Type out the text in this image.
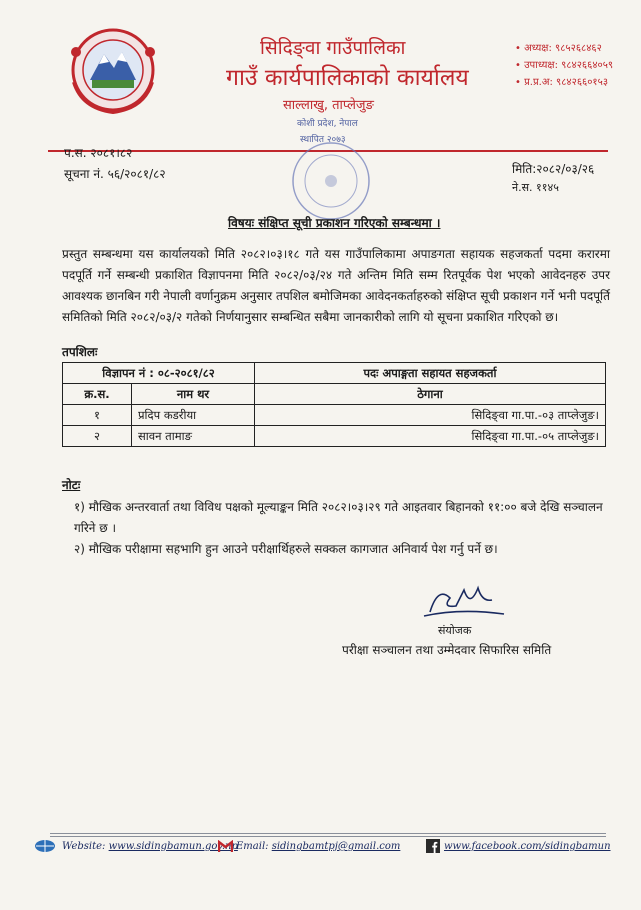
सिदिङ्वा गाउँपालिका
गाउँ कार्यपालिकाको कार्यालय
साल्लाखु, ताप्लेजुङ
कोशी प्रदेश, नेपाल
स्थापित २०७३
• अध्यक्ष: ९८५२६८४६२
• उपाध्यक्ष: ९८४२६६४०५९
• प्र.प्र.अ: ९८४२६६०१५३
प.स. २०८१।८२
सूचना नं. ५६/२०८१/८२	मिति:२०८२/०३/२६
ने.स. ११४५
विषयः संक्षिप्त सूची प्रकाशन गरिएको सम्बन्धमा ।
प्रस्तुत सम्बन्धमा यस कार्यालयको मिति २०८२।०३।१८ गते यस गाउँपालिकामा अपाङगता सहायक सहजकर्ता पदमा करारमा पदपूर्ति गर्ने सम्बन्धी प्रकाशित विज्ञापनमा मिति २०८२/०३/२४ गते अन्तिम मिति सम्म रितपूर्वक पेश भएको आवेदनहरु उपर आवश्यक छानबिन गरी नेपाली वर्णानुक्रम अनुसार तपशिल बमोजिमका आवेदनकर्ताहरुको संक्षिप्त सूची प्रकाशन गर्ने भनी पदपूर्ति समितिको मिति २०८२/०३/२ गतेको निर्णयानुसार सम्बन्धित सबैमा जानकारीको लागि यो सूचना प्रकाशित गरिएको छ।
तपशिलः
विज्ञापन नं : ०८-२०८१/८२		पदः अपाङ्गता सहायत सहजकर्ता
क्र.स.	नाम थर	ठेगाना
१	प्रदिप कडरीया	सिदिङ्वा गा.पा.-०३ ताप्लेजुङ।
२	सावन तामाङ	सिदिङ्वा गा.पा.-०५ ताप्लेजुङ।
नोटः
१) मौखिक अन्तरवार्ता तथा विविध पक्षको मूल्याङ्कन मिति २०८२।०३।२९ गते आइतवार बिहानको ११:०० बजे देखि सञ्चालन गरिने छ ।
२) मौखिक परीक्षामा सहभागि हुन आउने परीक्षार्थिहरुले सक्कल कागजात अनिवार्य पेश गर्नु पर्ने छ।
संयोजक
परीक्षा सञ्चालन तथा उम्मेदवार सिफारिस समिति
Website: www.sidingbamun.gov.np
Email: sidingbamtpj@gmail.com	www.facebook.com/sidingbamun
